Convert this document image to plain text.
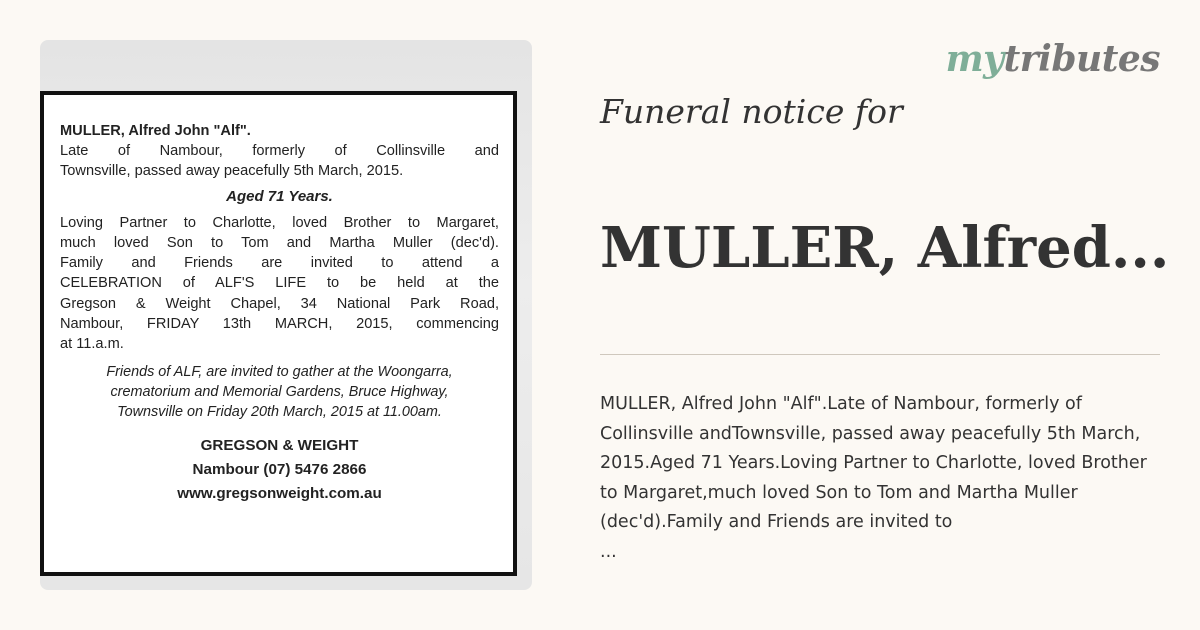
MULLER, Alfred John "Alf".
Late of Nambour, formerly of Collinsville and
Townsville, passed away peacefully 5th March, 2015.
Aged 71 Years.
Loving Partner to Charlotte, loved Brother to Margaret,
much loved Son to Tom and Martha Muller (dec'd).
Family and Friends are invited to attend a
CELEBRATION of ALF'S LIFE to be held at the
Gregson & Weight Chapel, 34 National Park Road,
Nambour, FRIDAY 13th MARCH, 2015, commencing
at 11.a.m.
Friends of ALF, are invited to gather at the Woongarra,
crematorium and Memorial Gardens, Bruce Highway,
Townsville on Friday 20th March, 2015 at 11.00am.
GREGSON & WEIGHT
Nambour (07) 5476 2866
www.gregsonweight.com.au
mytributes
Funeral notice for
MULLER, Alfred...
MULLER, Alfred John "Alf".Late of Nambour, formerly of Collinsville andTownsville, passed away peacefully 5th March, 2015.Aged 71 Years.Loving Partner to Charlotte, loved Brother to Margaret,much loved Son to Tom and Martha Muller (dec'd).Family and Friends are invited to
...
